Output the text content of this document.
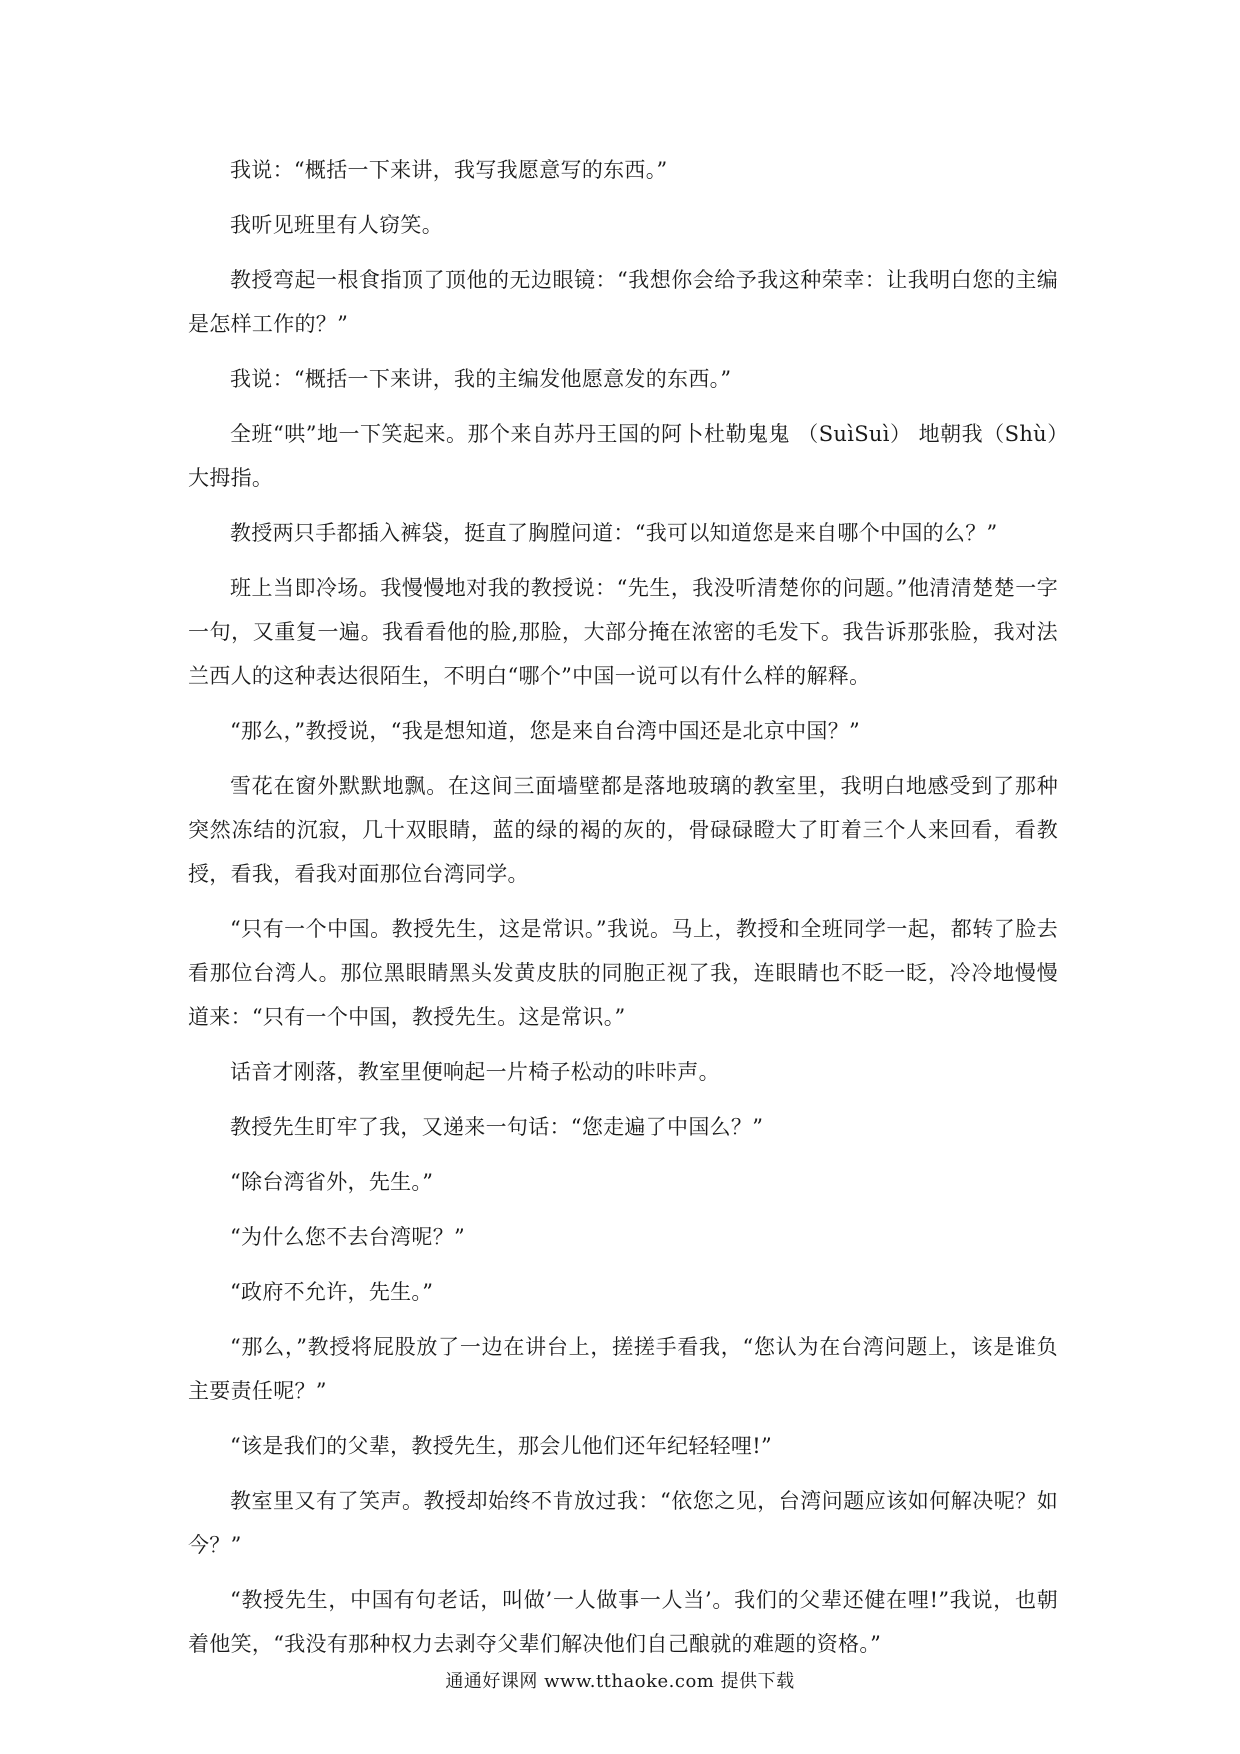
我说：“概括一下来讲，我写我愿意写的东西。”

我听见班里有人窃笑。

教授弯起一根食指顶了顶他的无边眼镜：“我想你会给予我这种荣幸：让我明白您的主编是怎样工作的？”

我说：“概括一下来讲，我的主编发他愿意发的东西。”

全班“哄”地一下笑起来。那个来自苏丹王国的阿卜杜勒鬼鬼 （SuìSuì） 地朝我（Shù）大拇指。

教授两只手都插入裤袋，挺直了胸膛问道：“我可以知道您是来自哪个中国的么？”

班上当即冷场。我慢慢地对我的教授说：“先生，我没听清楚你的问题。”他清清楚楚一字一句，又重复一遍。我看看他的脸,那脸，大部分掩在浓密的毛发下。我告诉那张脸，我对法兰西人的这种表达很陌生，不明白“哪个”中国一说可以有什么样的解释。

“那么，”教授说，“我是想知道，您是来自台湾中国还是北京中国？”

雪花在窗外默默地飘。在这间三面墙壁都是落地玻璃的教室里，我明白地感受到了那种突然冻结的沉寂，几十双眼睛，蓝的绿的褐的灰的，骨碌碌瞪大了盯着三个人来回看，看教授，看我，看我对面那位台湾同学。

“只有一个中国。教授先生，这是常识。”我说。马上，教授和全班同学一起，都转了脸去看那位台湾人。那位黑眼睛黑头发黄皮肤的同胞正视了我，连眼睛也不眨一眨，冷冷地慢慢道来：“只有一个中国，教授先生。这是常识。”

话音才刚落，教室里便响起一片椅子松动的咔咔声。

教授先生盯牢了我，又递来一句话：“您走遍了中国么？”

“除台湾省外，先生。”

“为什么您不去台湾呢？”

“政府不允许，先生。”

“那么，”教授将屁股放了一边在讲台上，搓搓手看我，“您认为在台湾问题上，该是谁负主要责任呢？”

“该是我们的父辈，教授先生，那会儿他们还年纪轻轻哩!”

教室里又有了笑声。教授却始终不肯放过我：“依您之见，台湾问题应该如何解决呢？如今？”

“教授先生，中国有句老话，叫做’一人做事一人当’。我们的父辈还健在哩!”我说，也朝着他笑，“我没有那种权力去剥夺父辈们解决他们自己酿就的难题的资格。”

通通好课网 www.tthaoke.com 提供下载
